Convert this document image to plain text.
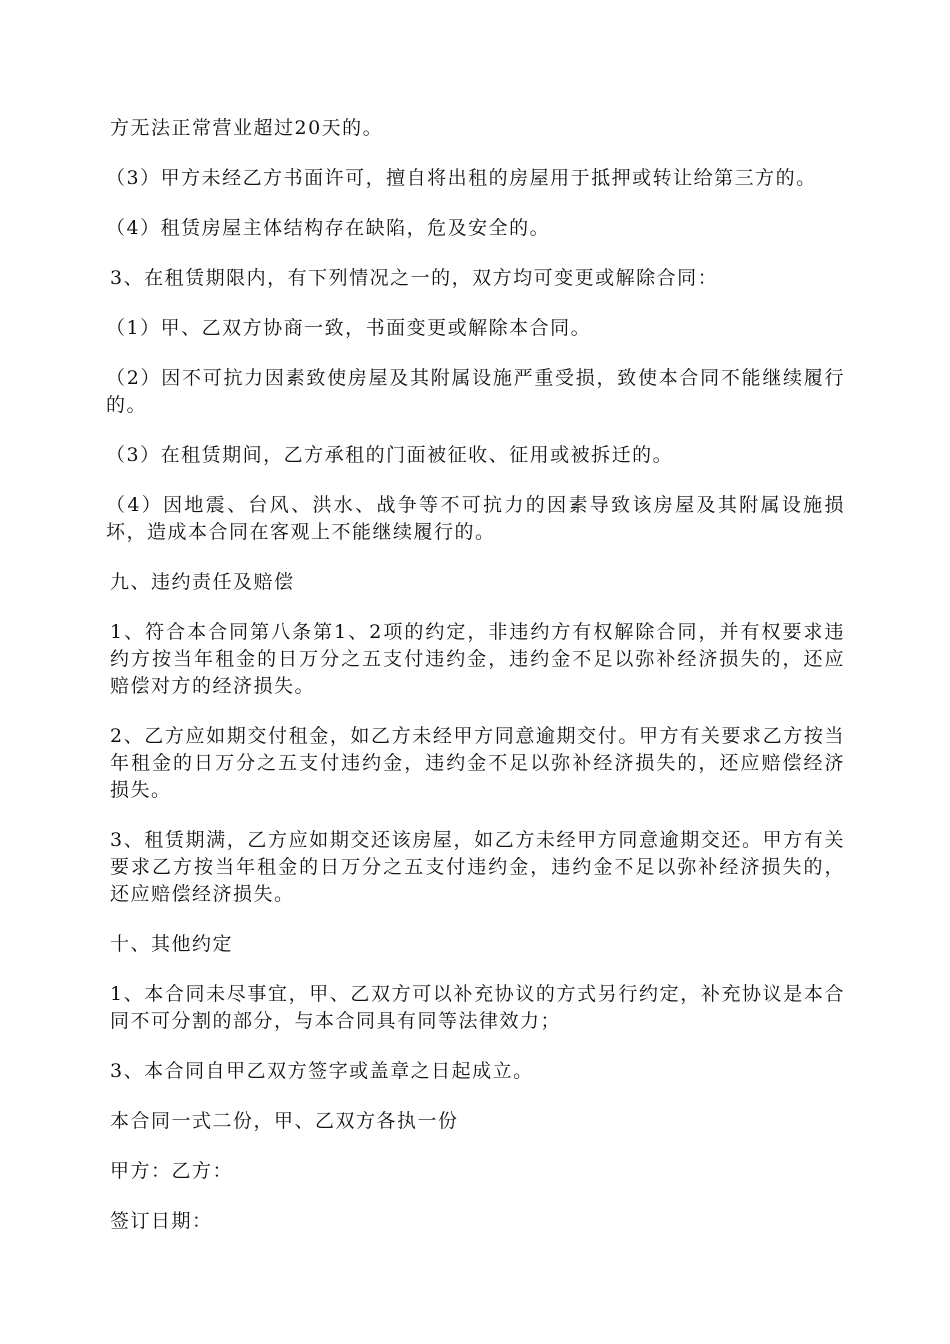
方无法正常营业超过20天的。

（3）甲方未经乙方书面许可，擅自将出租的房屋用于抵押或转让给第三方的。

（4）租赁房屋主体结构存在缺陷，危及安全的。

3、在租赁期限内，有下列情况之一的，双方均可变更或解除合同：

（1）甲、乙双方协商一致，书面变更或解除本合同。

（2）因不可抗力因素致使房屋及其附属设施严重受损，致使本合同不能继续履行的。

（3）在租赁期间，乙方承租的门面被征收、征用或被拆迁的。

（4）因地震、台风、洪水、战争等不可抗力的因素导致该房屋及其附属设施损坏，造成本合同在客观上不能继续履行的。

九、违约责任及赔偿

1、符合本合同第八条第1、2项的约定，非违约方有权解除合同，并有权要求违约方按当年租金的日万分之五支付违约金，违约金不足以弥补经济损失的，还应赔偿对方的经济损失。

2、乙方应如期交付租金，如乙方未经甲方同意逾期交付。甲方有关要求乙方按当年租金的日万分之五支付违约金，违约金不足以弥补经济损失的，还应赔偿经济损失。

3、租赁期满，乙方应如期交还该房屋，如乙方未经甲方同意逾期交还。甲方有关要求乙方按当年租金的日万分之五支付违约金，违约金不足以弥补经济损失的，还应赔偿经济损失。

十、其他约定

1、本合同未尽事宜，甲、乙双方可以补充协议的方式另行约定，补充协议是本合同不可分割的部分，与本合同具有同等法律效力；

3、本合同自甲乙双方签字或盖章之日起成立。

本合同一式二份，甲、乙双方各执一份

甲方：乙方：

签订日期：
